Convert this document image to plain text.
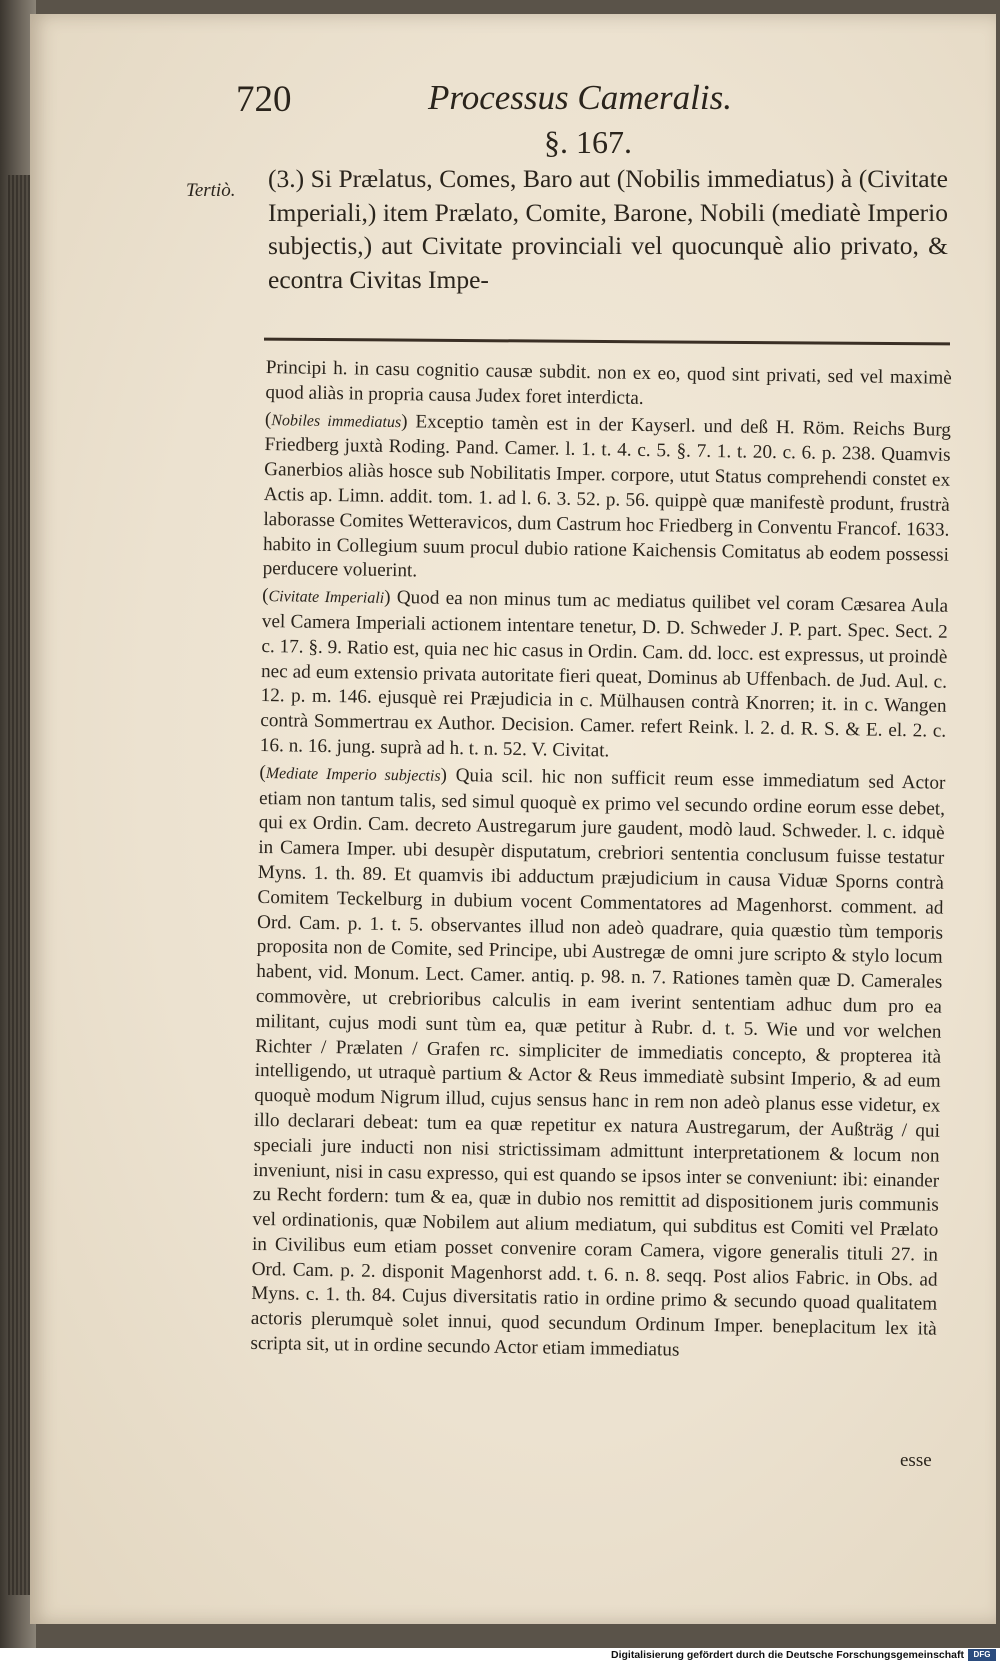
720	Processus Cameralis.
§. 167.
Tertiò. (3.) Si Prælatus, Comes, Baro aut (Nobilis immediatus) à (Civitate Imperiali,) item Prælato, Comite, Barone, Nobili (mediatè Imperio subjectis,) aut Civitate provinciali vel quocunquè alio privato, & econtra Civitas Impe-

Principi h. in casu cognitio causæ subdit. non ex eo, quod sint privati, sed vel maximè quod aliàs in propria causa Judex foret interdicta.

(Nobiles immediatus) Exceptio tamèn est in der Kayserl. und deß H. Röm. Reichs Burg Friedberg juxtà Roding. Pand. Camer. l. 1. t. 4. c. 5. §. 7. 1. t. 20. c. 6. p. 238. Quamvis Ganerbios aliàs hosce sub Nobilitatis Imper. corpore, utut Status comprehendi constet ex Actis ap. Limn. addit. tom. 1. ad l. 6. 3. 52. p. 56. quippè quæ manifestè produnt, frustrà laborasse Comites Wetteravicos, dum Castrum hoc Friedberg in Conventu Francof. 1633. habito in Collegium suum procul dubio ratione Kaichensis Comitatus ab eodem possessi perducere voluerint.

(Civitate Imperiali) Quod ea non minus tum ac mediatus quilibet vel coram Cæsarea Aula vel Camera Imperiali actionem intentare tenetur, D. D. Schweder J. P. part. Spec. Sect. 2 c. 17. §. 9. Ratio est, quia nec hic casus in Ordin. Cam. dd. locc. est expressus, ut proindè nec ad eum extensio privata autoritate fieri queat, Dominus ab Uffenbach. de Jud. Aul. c. 12. p. m. 146. ejusquè rei Præjudicia in c. Mülhausen contrà Knorren; it. in c. Wangen contrà Sommertrau ex Author. Decision. Camer. refert Reink. l. 2. d. R. S. & E. el. 2. c. 16. n. 16. jung. suprà ad h. t. n. 52. V. Civitat.

(Mediate Imperio subjectis) Quia scil. hic non sufficit reum esse immediatum sed Actor etiam non tantum talis, sed simul quoquè ex primo vel secundo ordine eorum esse debet, qui ex Ordin. Cam. decreto Austregarum jure gaudent, modò laud. Schweder. l. c. idquè in Camera Imper. ubi desupèr disputatum, crebriori sententia conclusum fuisse testatur Myns. 1. th. 89. Et quamvis ibi adductum præjudicium in causa Viduæ Sporns contrà Comitem Teckelburg in dubium vocent Commentatores ad Magenhorst. comment. ad Ord. Cam. p. 1. t. 5. observantes illud non adeò quadrare, quia quæstio tùm temporis proposita non de Comite, sed Principe, ubi Austregæ de omni jure scripto & stylo locum habent, vid. Monum. Lect. Camer. antiq. p. 98. n. 7. Rationes tamèn quæ D. Camerales commovère, ut crebrioribus calculis in eam iverint sententiam adhuc dum pro ea militant, cujus modi sunt tùm ea, quæ petitur à Rubr. d. t. 5. Wie und vor welchen Richter / Prælaten / Grafen rc. simpliciter de immediatis concepto, & propterea ità intelligendo, ut utraquè partium & Actor & Reus immediatè subsint Imperio, & ad eum quoquè modum Nigrum illud, cujus sensus hanc in rem non adeò planus esse videtur, ex illo declarari debeat: tum ea quæ repetitur ex natura Austregarum, der Außträg / qui speciali jure inducti non nisi strictissimam admittunt interpretationem & locum non inveniunt, nisi in casu expresso, qui est quando se ipsos inter se conveniunt: ibi: einander zu Recht fordern: tum & ea, quæ in dubio nos remittit ad dispositionem juris communis vel ordinationis, quæ Nobilem aut alium mediatum, qui subditus est Comiti vel Prælato in Civilibus eum etiam posset convenire coram Camera, vigore generalis tituli 27. in Ord. Cam. p. 2. disponit Magenhorst add. t. 6. n. 8. seqq. Post alios Fabric. in Obs. ad Myns. c. 1. th. 84. Cujus diversitatis ratio in ordine primo & secundo quoad qualitatem actoris plerumquè solet innui, quod secundum Ordinum Imper. beneplacitum lex ità scripta sit, ut in ordine secundo Actor etiam immediatus

esse
Digitalisierung gefördert durch die Deutsche Forschungsgemeinschaft	DFG
